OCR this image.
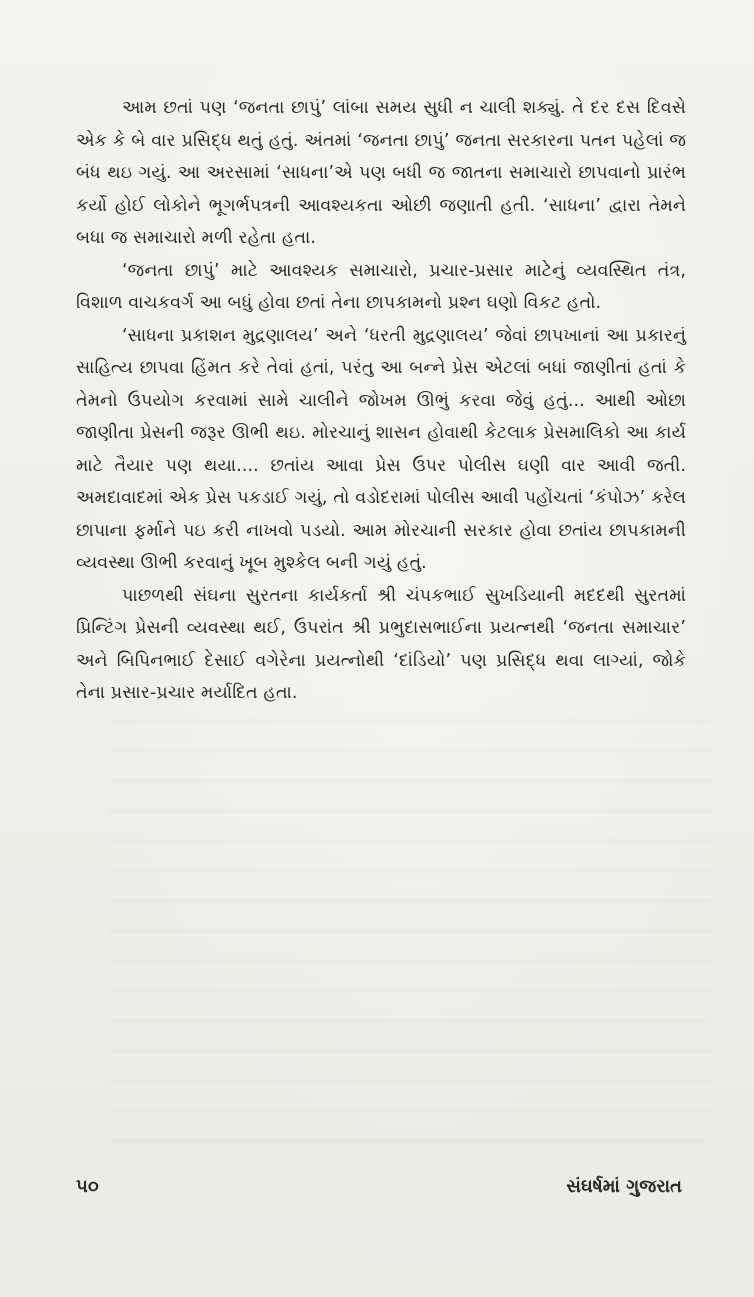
આમ છતાં પણ ‘જનતા છાપું’ લાંબા સમય સુધી ન ચાલી શક્યું. તે દર દસ દિવસે એક કે બે વાર પ્રસિદ્ધ થતું હતું. અંતમાં ‘જનતા છાપું’ જનતા સરકારના પતન પહેલાં જ બંધ થઇ ગયું. આ અરસામાં ‘સાધના’એ પણ બધી જ જાતના સમાચારો છાપવાનો પ્રારંભ કર્યો હોઈ લોકોને ભૂગર્ભપત્રની આવશ્યકતા ઓછી જણાતી હતી. ‘સાધના’ દ્વારા તેમને બધા જ સમાચારો મળી રહેતા હતા.

‘જનતા છાપું’ માટે આવશ્યક સમાચારો, પ્રચાર-પ્રસાર માટેનું વ્યવસ્થિત તંત્ર, વિશાળ વાચકવર્ગ આ બધું હોવા છતાં તેના છાપકામનો પ્રશ્ન ઘણો વિકટ હતો.

‘સાધના પ્રકાશન મુદ્રણાલય’ અને ‘ધરતી મુદ્રણાલય’ જેવાં છાપખાનાં આ પ્રકારનું સાહિત્ય છાપવા હિંમત કરે તેવાં હતાં, પરંતુ આ બન્ને પ્રેસ એટલાં બધાં જાણીતાં હતાં કે તેમનો ઉપયોગ કરવામાં સામે ચાલીને જોખમ ઊભું કરવા જેવું હતું... આથી ઓછા જાણીતા પ્રેસની જરૂર ઊભી થઇ. મોરચાનું શાસન હોવાથી કેટલાક પ્રેસમાલિકો આ કાર્ય માટે તૈયાર પણ થયા.... છતાંય આવા પ્રેસ ઉપર પોલીસ ઘણી વાર આવી જતી. અમદાવાદમાં એક પ્રેસ પકડાઈ ગયું, તો વડોદરામાં પોલીસ આવી પહોંચતાં ‘કંપોઝ’ કરેલ છાપાના ફર્માને પઇ કરી નાખવો પડયો. આમ મોરચાની સરકાર હોવા છતાંય છાપકામની વ્યવસ્થા ઊભી કરવાનું ખૂબ મુશ્કેલ બની ગયું હતું.

પાછળથી સંઘના સુરતના કાર્યકર્તા શ્રી ચંપકભાઈ સુખડિયાની મદદથી સુરતમાં પ્રિન્ટિંગ પ્રેસની વ્યવસ્થા થઈ, ઉપરાંત શ્રી પ્રભુદાસભાઈના પ્રયત્નથી ‘જનતા સમાચાર’ અને બિપિનભાઈ દેસાઈ વગેરેના પ્રયત્નોથી ‘દાંડિયો’ પણ પ્રસિદ્ધ થવા લાગ્યાં, જોકે તેના પ્રસાર-પ્રચાર મર્યાદિત હતા.

૫૦	સંઘર્ષમાં ગુજરાત
